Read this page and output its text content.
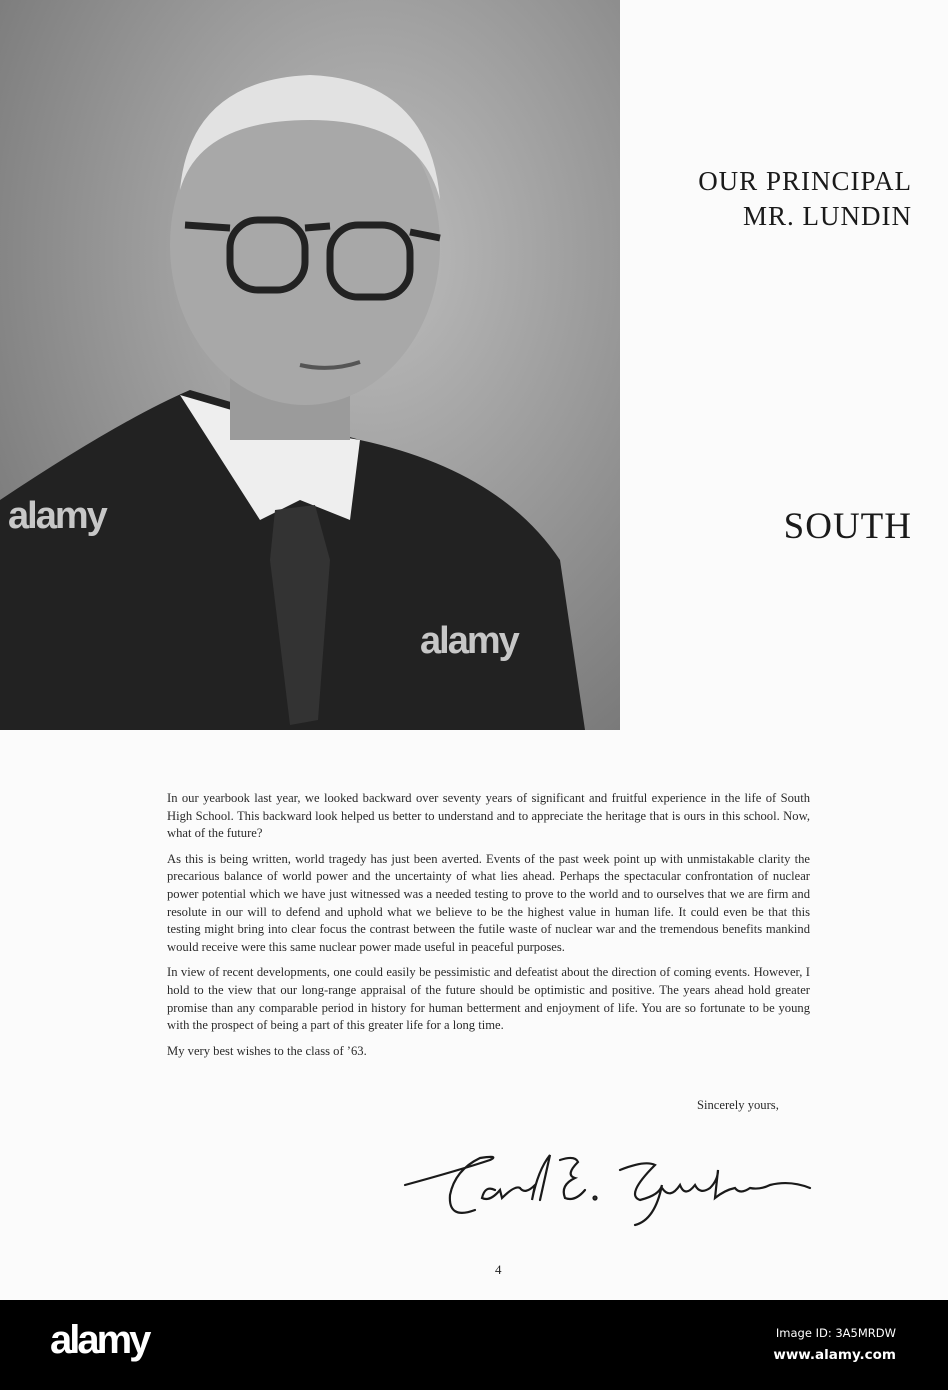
OUR PRINCIPAL
MR. LUNDIN
SOUTH

In our yearbook last year, we looked backward over seventy years of significant and fruitful experience in the life of South High School. This backward look helped us better to understand and to appreciate the heritage that is ours in this school. Now, what of the future?

As this is being written, world tragedy has just been averted. Events of the past week point up with unmistakable clarity the precarious balance of world power and the uncertainty of what lies ahead. Perhaps the spectacular confrontation of nuclear power potential which we have just witnessed was a needed testing to prove to the world and to ourselves that we are firm and resolute in our will to defend and uphold what we believe to be the highest value in human life. It could even be that this testing might bring into clear focus the contrast between the futile waste of nuclear war and the tremendous benefits mankind would receive were this same nuclear power made useful in peaceful purposes.

In view of recent developments, one could easily be pessimistic and defeatist about the direction of coming events. However, I hold to the view that our long-range appraisal of the future should be optimistic and positive. The years ahead hold greater promise than any comparable period in history for human betterment and enjoyment of life. You are so fortunate to be young with the prospect of being a part of this greater life for a long time.

My very best wishes to the class of ’63.

Sincerely yours,
4
alamy
alamy
alamy	Image ID: 3A5MRDW
www.alamy.com
